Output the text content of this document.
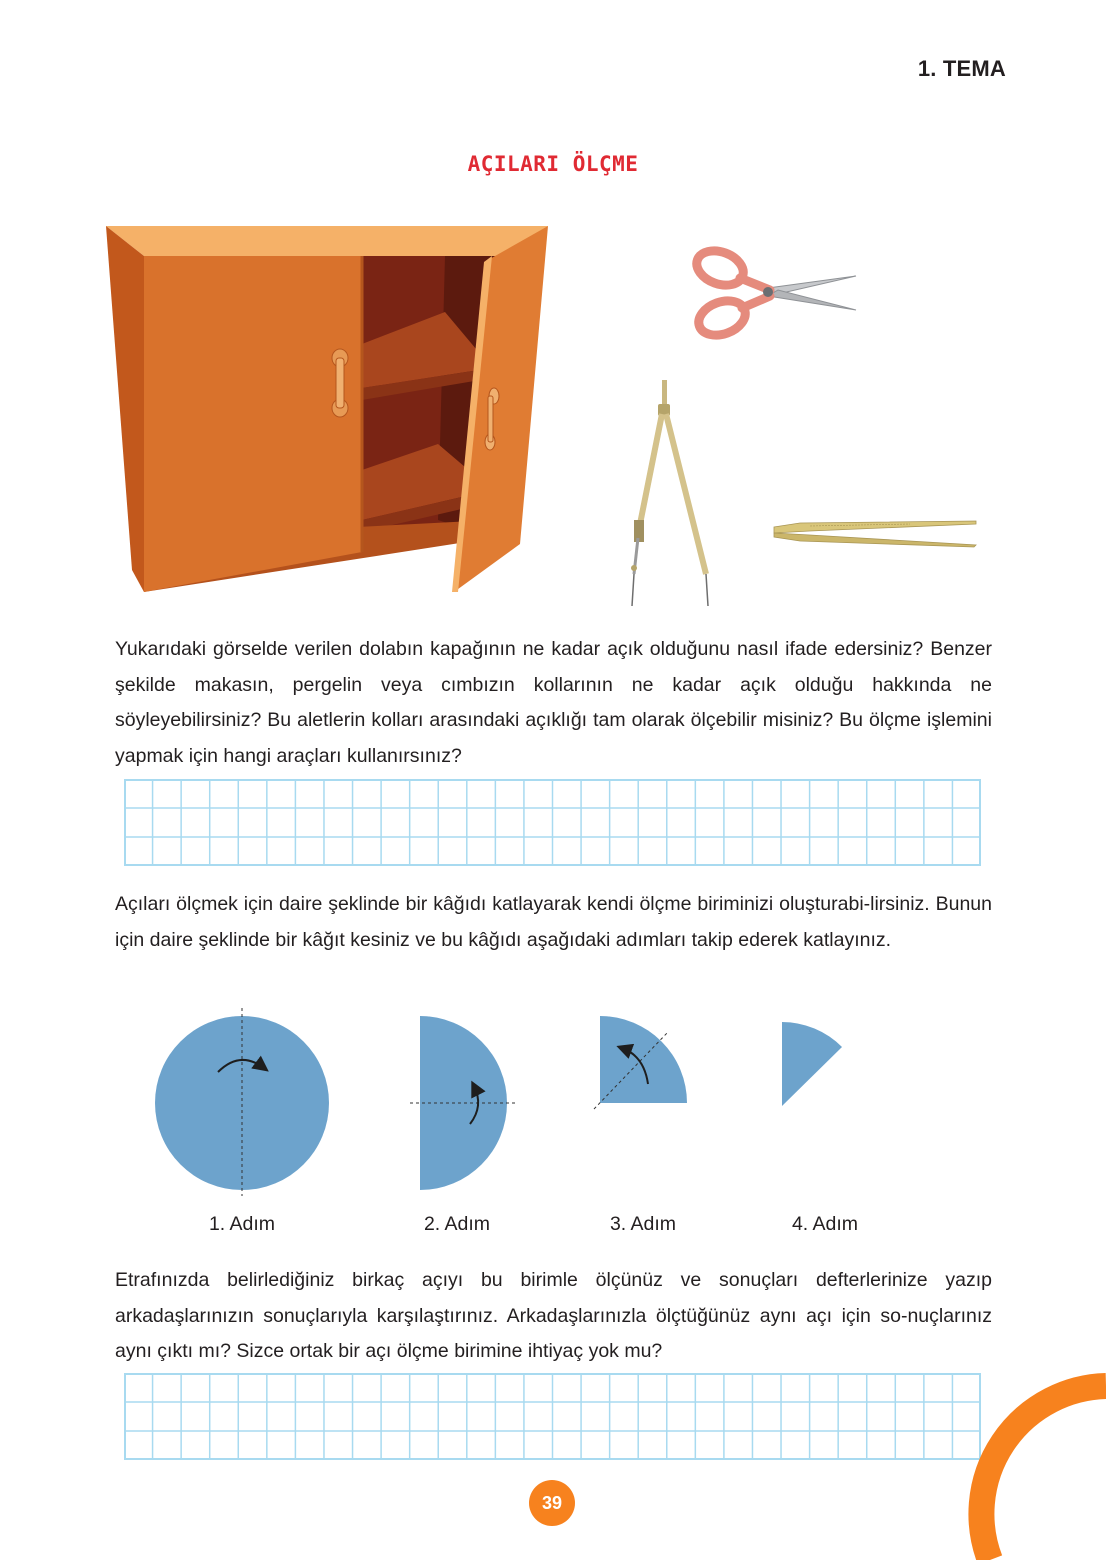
1. TEMA
AÇILARI ÖLÇME

Yukarıdaki görselde verilen dolabın kapağının ne kadar açık olduğunu nasıl ifade edersiniz? Benzer şekilde makasın, pergelin veya cımbızın kollarının ne kadar açık olduğu hakkında ne söyleyebilirsiniz? Bu aletlerin kolları arasındaki açıklığı tam olarak ölçebilir misiniz? Bu ölçme işlemini yapmak için hangi araçları kullanırsınız?

Açıları ölçmek için daire şeklinde bir kâğıdı katlayarak kendi ölçme biriminizi oluşturabi-lirsiniz. Bunun için daire şeklinde bir kâğıt kesiniz ve bu kâğıdı aşağıdaki adımları takip ederek katlayınız.

1. Adım	2. Adım	3. Adım	4. Adım

Etrafınızda belirlediğiniz birkaç açıyı bu birimle ölçünüz ve sonuçları defterlerinize yazıp arkadaşlarınızın sonuçlarıyla karşılaştırınız. Arkadaşlarınızla ölçtüğünüz aynı açı için so-nuçlarınız aynı çıktı mı? Sizce ortak bir açı ölçme birimine ihtiyaç yok mu?

39
